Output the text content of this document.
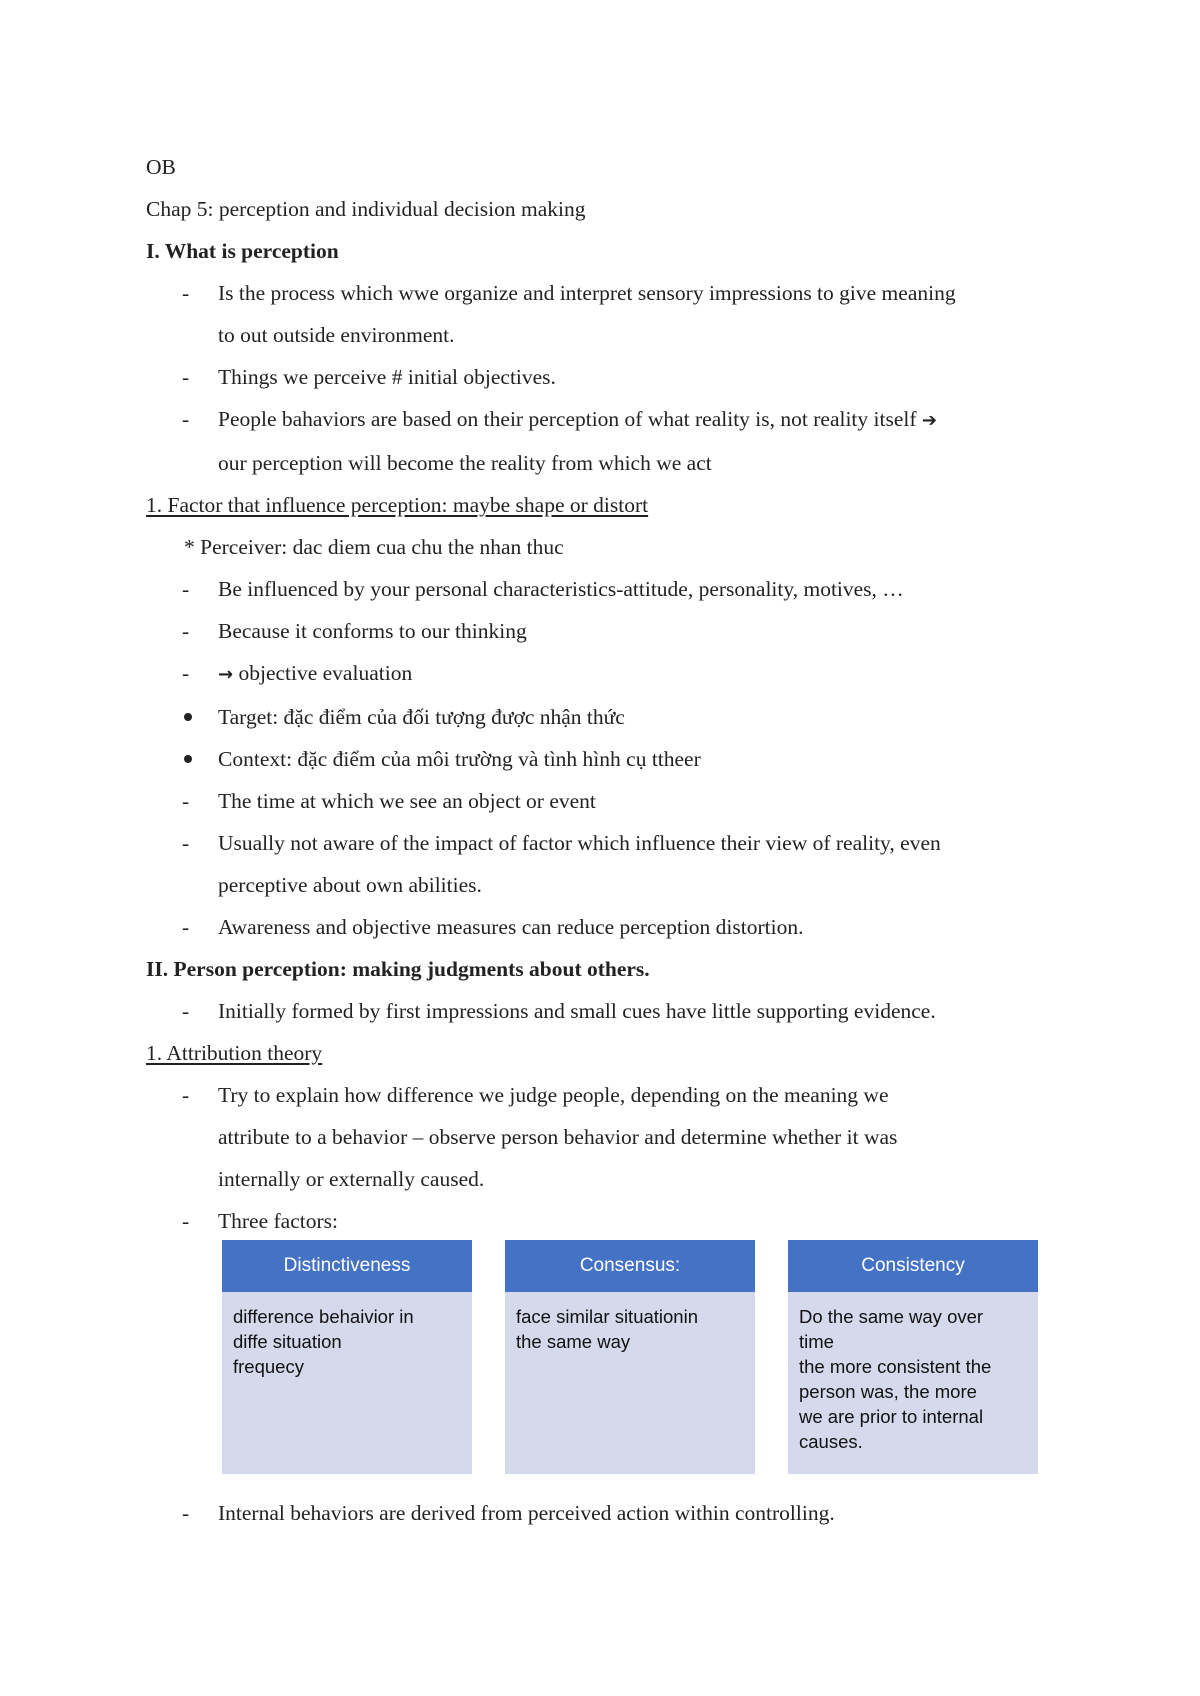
OB
Chap 5: perception and individual decision making
I. What is perception
- Is the process which wwe organize and interpret sensory impressions to give meaning
to out outside environment.
- Things we perceive # initial objectives.
- People bahaviors are based on their perception of what reality is, not reality itself ➔
our perception will become the reality from which we act
1. Factor that influence perception: maybe shape or distort
* Perceiver: dac diem cua chu the nhan thuc
- Be influenced by your personal characteristics-attitude, personality, motives, …
- Because it conforms to our thinking
- → objective evaluation
Target: đặc điểm của đối tượng được nhận thức
Context: đặc điểm của môi trường và tình hình cụ ttheer
- The time at which we see an object or event
- Usually not aware of the impact of factor which influence their view of reality, even
perceptive about own abilities.
- Awareness and objective measures can reduce perception distortion.
II. Person perception: making judgments about others.
- Initially formed by first impressions and small cues have little supporting evidence.
1. Attribution theory
- Try to explain how difference we judge people, depending on the meaning we
attribute to a behavior – observe person behavior and determine whether it was
internally or externally caused.
- Three factors:
- Internal behaviors are derived from perceived action within controlling.
Distinctiveness
difference behaivior in
diffe situation
frequecy
Consensus:
face similar situationin
the same way
Consistency
Do the same way over
time
the more consistent the
person was, the more
we are prior to internal
causes.
